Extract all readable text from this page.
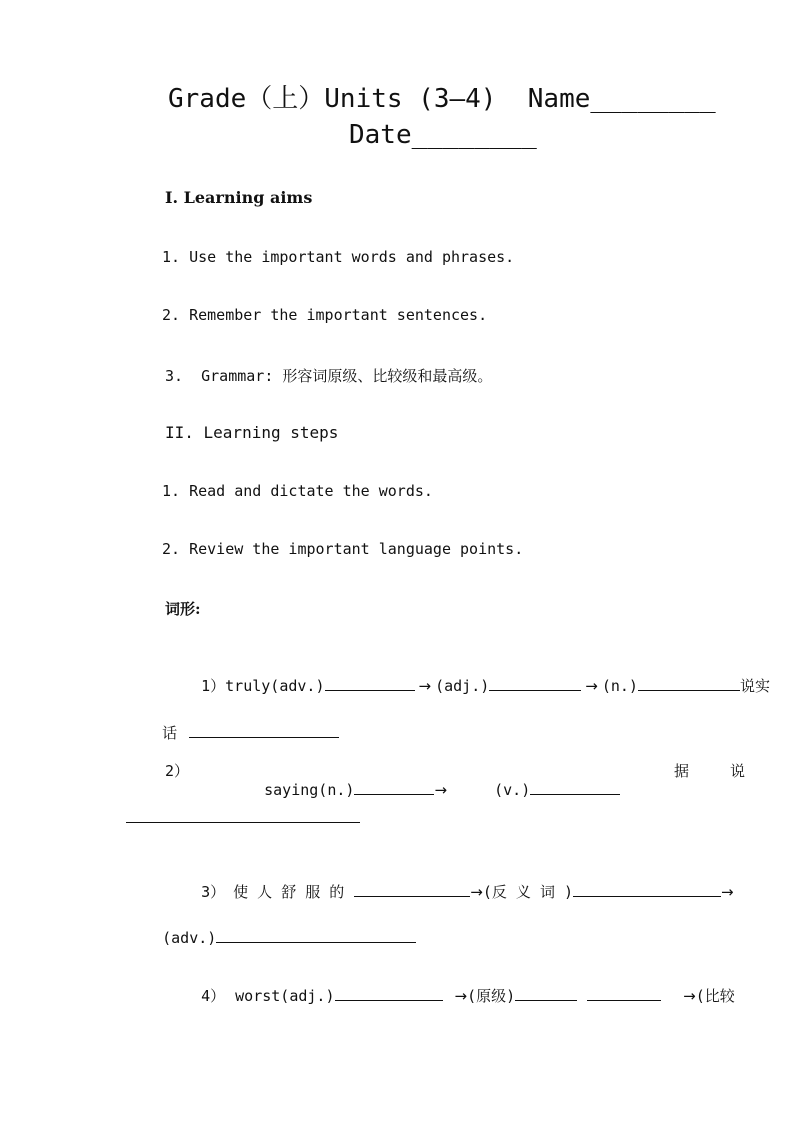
Grade（上）Units (3—4)  Name________
Date________
I. Learning aims
1. Use the important words and phrases.
2. Remember the important sentences.
3.  Grammar: 形容词原级、比较级和最高级。
II. Learning steps
1. Read and dictate the words.
2. Review the important language points.
词形:

1）truly(adv.)	→ (adj.)	→ (n.)	说实

话

2）

saying(n.)	→
	(v.)

据	说

3） 使 人 舒 服 的	→(反 义 词 )	→

(adv.)

4） worst(adj.)	→(原级)	→(比较
